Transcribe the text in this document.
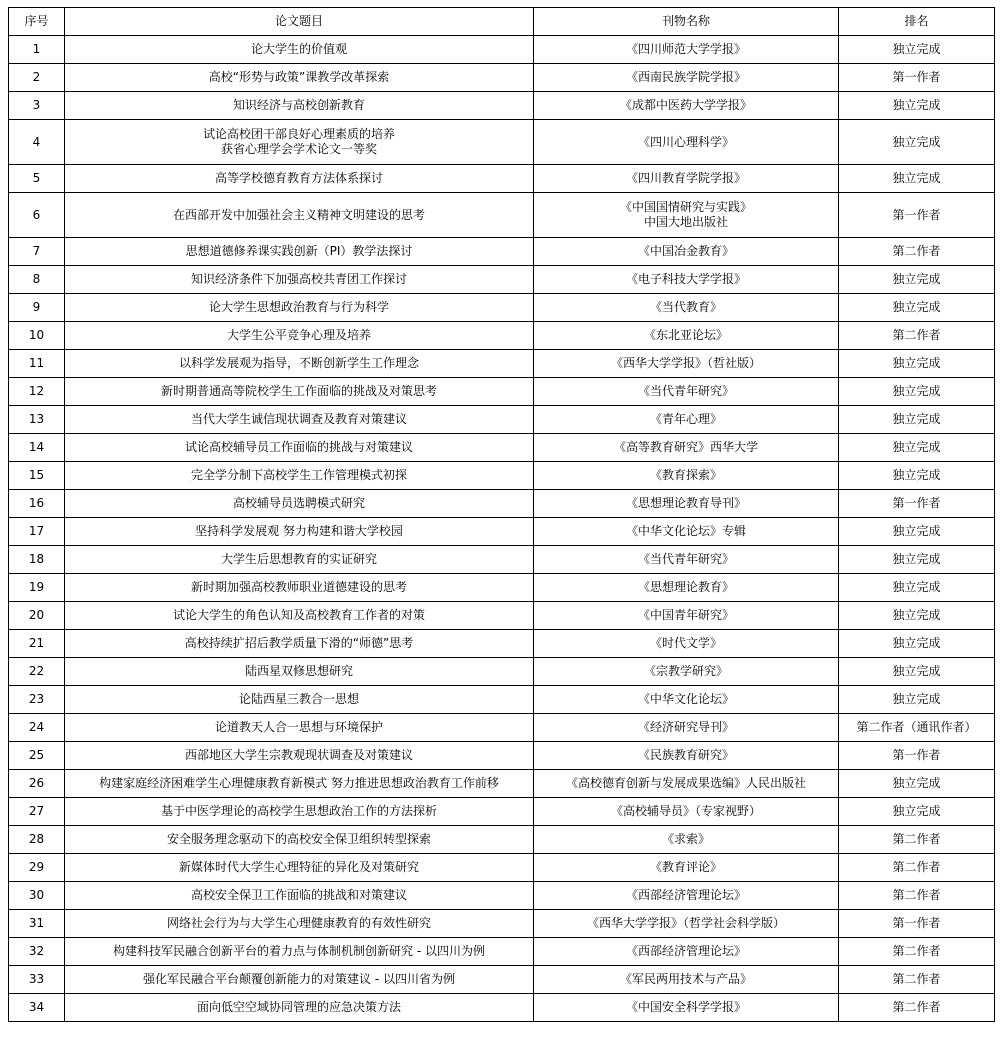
序号	论文题目	刊物名称	排名
1	论大学生的价值观	《四川师范大学学报》	独立完成
2	高校“形势与政策”课教学改革探索	《西南民族学院学报》	第一作者
3	知识经济与高校创新教育	《成都中医药大学学报》	独立完成
4	试论高校团干部良好心理素质的培养
获省心理学会学术论文一等奖	《四川心理科学》	独立完成
5	高等学校德育教育方法体系探讨	《四川教育学院学报》	独立完成
6	在西部开发中加强社会主义精神文明建设的思考	《中国国情研究与实践》
中国大地出版社	第一作者
7	思想道德修养课实践创新（PI）教学法探讨	《中国冶金教育》	第二作者
8	知识经济条件下加强高校共青团工作探讨	《电子科技大学学报》	独立完成
9	论大学生思想政治教育与行为科学	《当代教育》	独立完成
10	大学生公平竞争心理及培养	《东北亚论坛》	第二作者
11	以科学发展观为指导，不断创新学生工作理念	《西华大学学报》（哲社版）	独立完成
12	新时期普通高等院校学生工作面临的挑战及对策思考	《当代青年研究》	独立完成
13	当代大学生诚信现状调查及教育对策建议	《青年心理》	独立完成
14	试论高校辅导员工作面临的挑战与对策建议	《高等教育研究》西华大学	独立完成
15	完全学分制下高校学生工作管理模式初探	《教育探索》	独立完成
16	高校辅导员选聘模式研究	《思想理论教育导刊》	第一作者
17	坚持科学发展观 努力构建和谐大学校园	《中华文化论坛》专辑	独立完成
18	大学生后思想教育的实证研究	《当代青年研究》	独立完成
19	新时期加强高校教师职业道德建设的思考	《思想理论教育》	独立完成
20	试论大学生的角色认知及高校教育工作者的对策	《中国青年研究》	独立完成
21	高校持续扩招后教学质量下滑的“师德”思考	《时代文学》	独立完成
22	陆西星双修思想研究	《宗教学研究》	独立完成
23	论陆西星三教合一思想	《中华文化论坛》	独立完成
24	论道教天人合一思想与环境保护	《经济研究导刊》	第二作者（通讯作者）
25	西部地区大学生宗教观现状调查及对策建议	《民族教育研究》	第一作者
26	构建家庭经济困难学生心理健康教育新模式 努力推进思想政治教育工作前移	《高校德育创新与发展成果选编》人民出版社	独立完成
27	基于中医学理论的高校学生思想政治工作的方法探析	《高校辅导员》（专家视野）	独立完成
28	安全服务理念驱动下的高校安全保卫组织转型探索	《求索》	第二作者
29	新媒体时代大学生心理特征的异化及对策研究	《教育评论》	第二作者
30	高校安全保卫工作面临的挑战和对策建议	《西部经济管理论坛》	第二作者
31	网络社会行为与大学生心理健康教育的有效性研究	《西华大学学报》（哲学社会科学版）	第一作者
32	构建科技军民融合创新平台的着力点与体制机制创新研究 - 以四川为例	《西部经济管理论坛》	第二作者
33	强化军民融合平台颠覆创新能力的对策建议 - 以四川省为例	《军民两用技术与产品》	第二作者
34	面向低空空域协同管理的应急决策方法	《中国安全科学学报》	第二作者
